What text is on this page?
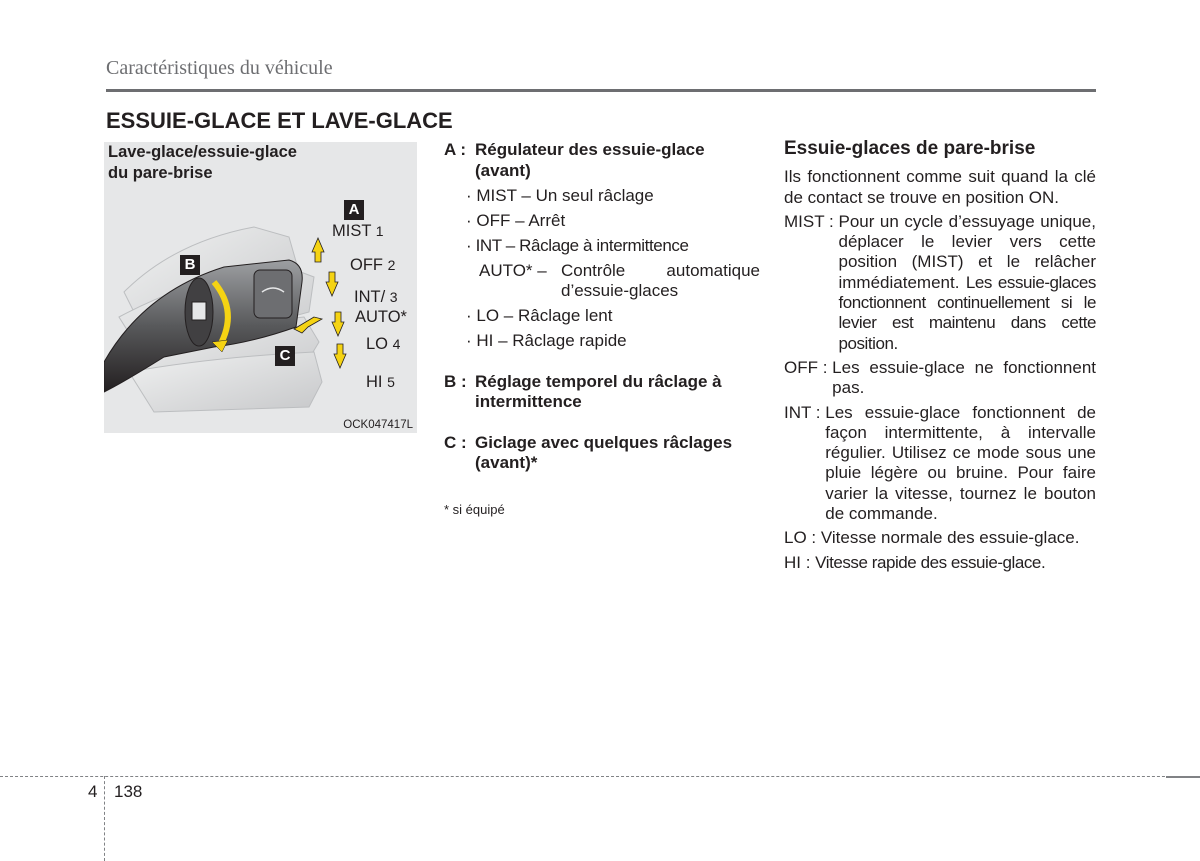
Caractéristiques du véhicule
ESSUIE-GLACE ET LAVE-GLACE
Lave-glace/essuie-glace
du pare-brise
A
B
C
MIST 1
OFF 2
INT/ 3
AUTO*
LO 4
HI 5
OCK047417L
A : Régulateur des essuie-glace (avant)
· MIST – Un seul râclage
· OFF – Arrêt
· INT – Râclage à intermittence
AUTO* – Contrôle automatique d’essuie-glaces
· LO – Râclage lent
· HI – Râclage rapide
B : Réglage temporel du râclage à intermittence
C : Giclage avec quelques râclages (avant)*
* si équipé
Essuie-glaces de pare-brise
Ils fonctionnent comme suit quand la clé de contact se trouve en position ON.
MIST : Pour un cycle d’essuyage unique, déplacer le levier vers cette position (MIST) et le relâcher immédiatement. Les essuie-glaces fonctionnent continuellement si le levier est maintenu dans cette position.
OFF : Les essuie-glace ne fonctionnent pas.
INT : Les essuie-glace fonctionnent de façon intermittente, à intervalle régulier. Utilisez ce mode sous une pluie légère ou bruine. Pour faire varier la vitesse, tournez le bouton de commande.
LO : Vitesse normale des essuie-glace.
HI : Vitesse rapide des essuie-glace.
4 138
